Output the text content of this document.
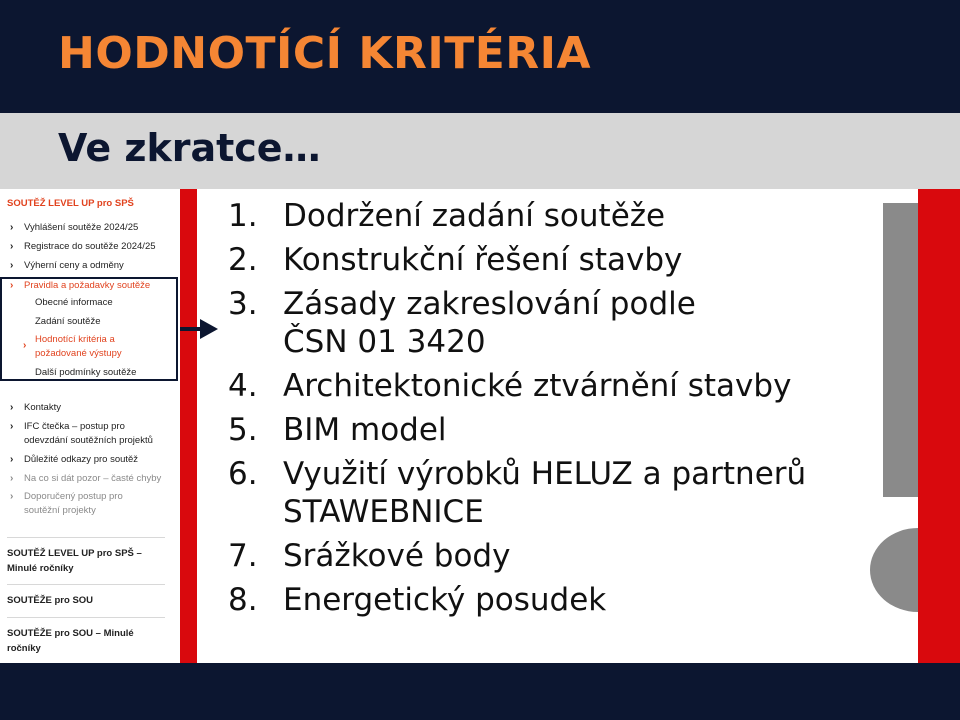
HODNOTÍCÍ KRITÉRIA
Ve zkratce…
SOUTĚŽ LEVEL UP pro SPŠ
› Vyhlášení soutěže 2024/25
› Registrace do soutěže 2024/25
› Výherní ceny a odměny
› Pravidla a požadavky soutěže
Obecné informace
Zadání soutěže
›
Hodnotící kritéria a
požadované výstupy
Další podmínky soutěže
› Kontakty
› IFC čtečka – postup pro
odevzdání soutěžních projektů
› Důležité odkazy pro soutěž
› Na co si dát pozor – časté chyby
› Doporučený postup pro
soutěžní projekty
SOUTĚŽ LEVEL UP pro SPŠ –
Minulé ročníky
SOUTĚŽE pro SOU
SOUTĚŽE pro SOU – Minulé
ročníky
1. Dodržení zadání soutěže
2. Konstrukční řešení stavby
3. Zásady zakreslování podle
ČSN 01 3420
4. Architektonické ztvárnění stavby
5. BIM model
6. Využití výrobků HELUZ a partnerů
STAWEBNICE
7. Srážkové body
8. Energetický posudek
